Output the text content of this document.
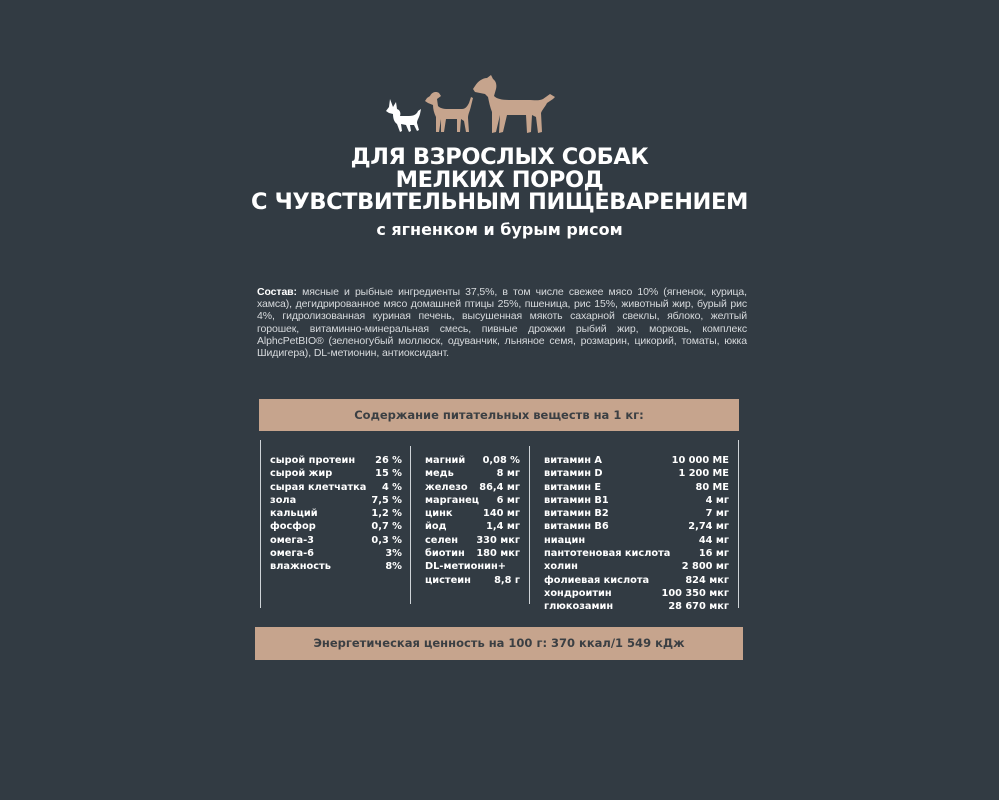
ДЛЯ ВЗРОСЛЫХ СОБАК
МЕЛКИХ ПОРОД
С ЧУВСТВИТЕЛЬНЫМ ПИЩЕВАРЕНИЕМ
с ягненком и бурым рисом
Состав: мясные и рыбные ингредиенты 37,5%, в том числе свежее мясо 10% (ягненок, курица, хамса), дегидрированное мясо домашней птицы 25%, пшеница, рис 15%, животный жир, бурый рис 4%, гидролизованная куриная печень, высушенная мякоть сахарной свеклы, яблоко, желтый горошек, витаминно-минеральная смесь, пивные дрожжи рыбий жир, морковь, комплекс AlphcPetBIO® (зеленогубый моллюск, одуванчик, льняное семя, розмарин, цикорий, томаты, юкка Шидигера), DL-метионин, антиоксидант.
Содержание питательных веществ на 1 кг:
сырой протеин 26 %
сырой жир	15 %
сырая клетчатка 4 %
зола	7,5 %
кальций	1,2 %
фосфор	0,7 %
омега-3	0,3 %
омега-6	3%
влажность	8%
магний 0,08 %
медь	8 мг
железо 86,4 мг
марганец 6 мг
цинк	140 мг
йод	1,4 мг
селен 330 мкг
биотин 180 мкг
DL-метионин+
цистеин 8,8 г
витамин А	10 000 МЕ
витамин D	1 200 МЕ
витамин Е	80 МЕ
витамин В1	4 мг
витамин В2	7 мг
витамин В6	2,74 мг
ниацин	44 мг
пантотеновая кислота	16 мг
холин	2 800 мг
фолиевая кислота	824 мкг
хондроитин	100 350 мкг
глюкозамин	28 670 мкг
Энергетическая ценность на 100 г: 370 ккал/1 549 кДж
